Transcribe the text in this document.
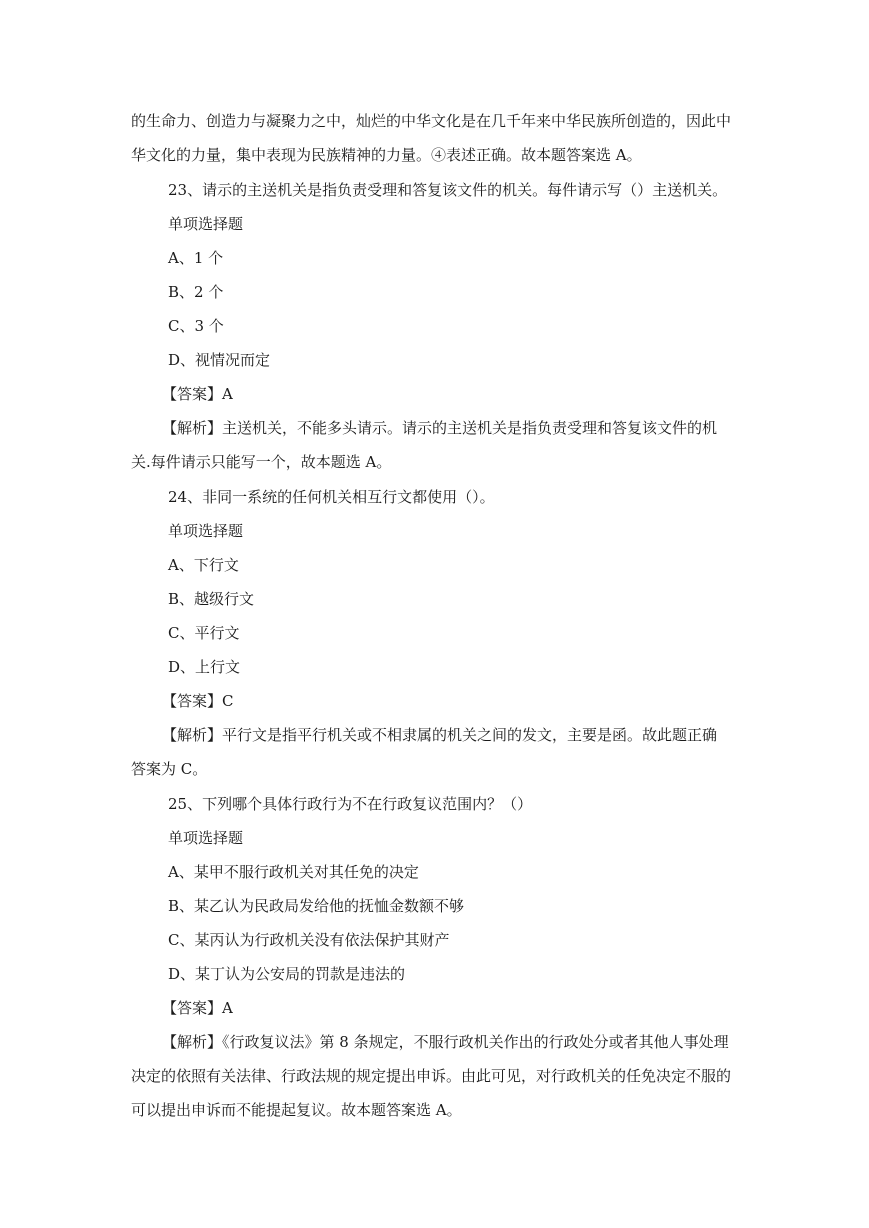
的生命力、创造力与凝聚力之中，灿烂的中华文化是在几千年来中华民族所创造的，因此中
华文化的力量，集中表现为民族精神的力量。④表述正确。故本题答案选 A。
23、请示的主送机关是指负责受理和答复该文件的机关。每件请示写（）主送机关。
单项选择题
A、1 个
B、2 个
C、3 个
D、视情况而定
【答案】A
【解析】主送机关，不能多头请示。请示的主送机关是指负责受理和答复该文件的机
关.每件请示只能写一个，故本题选 A。
24、非同一系统的任何机关相互行文都使用（）。
单项选择题
A、下行文
B、越级行文
C、平行文
D、上行文
【答案】C
【解析】平行文是指平行机关或不相隶属的机关之间的发文，主要是函。故此题正确
答案为 C。
25、下列哪个具体行政行为不在行政复议范围内？（）
单项选择题
A、某甲不服行政机关对其任免的决定
B、某乙认为民政局发给他的抚恤金数额不够
C、某丙认为行政机关没有依法保护其财产
D、某丁认为公安局的罚款是违法的
【答案】A
【解析】《行政复议法》第 8 条规定，不服行政机关作出的行政处分或者其他人事处理
决定的依照有关法律、行政法规的规定提出申诉。由此可见，对行政机关的任免决定不服的
可以提出申诉而不能提起复议。故本题答案选 A。
